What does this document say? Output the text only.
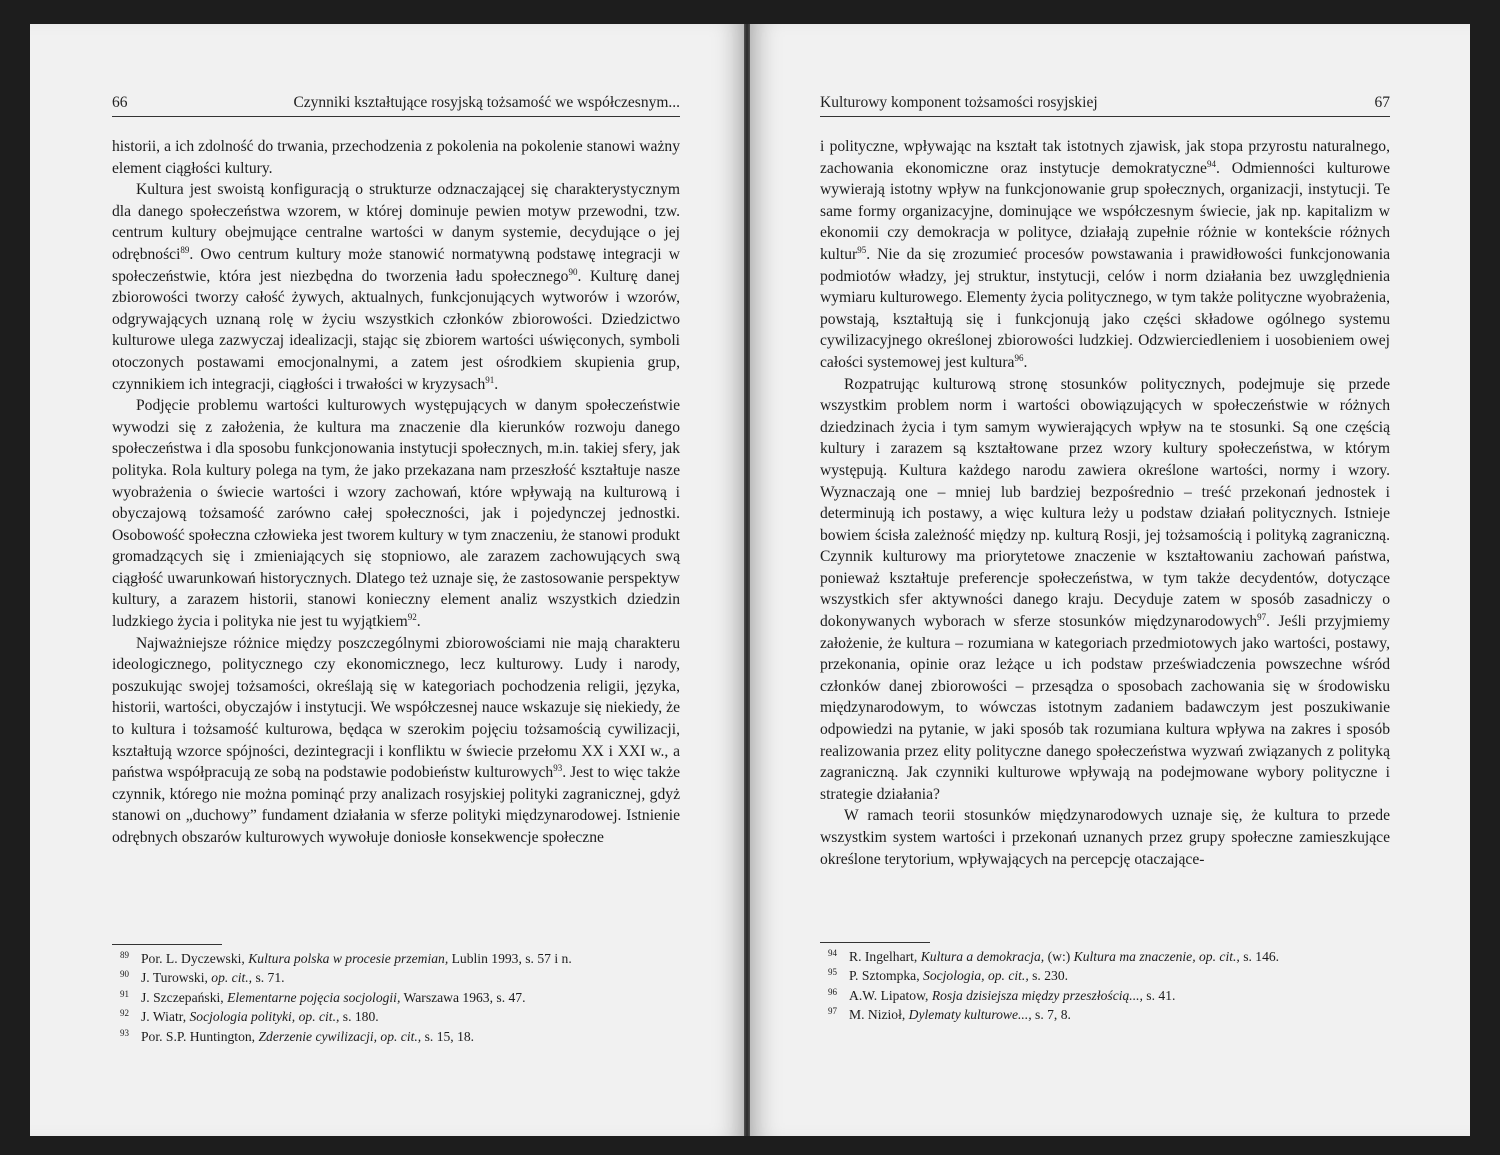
66	Czynniki kształtujące rosyjską tożsamość we współczesnym...

historii, a ich zdolność do trwania, przechodzenia z pokolenia na pokolenie stanowi ważny element ciągłości kultury.

Kultura jest swoistą konfiguracją o strukturze odznaczającej się charakterystycznym dla danego społeczeństwa wzorem, w której dominuje pewien motyw przewodni, tzw. centrum kultury obejmujące centralne wartości w danym systemie, decydujące o jej odrębności$^{89}$. Owo centrum kultury może stanowić normatywną podstawę integracji w społeczeństwie, która jest niezbędna do tworzenia ładu społecznego$^{90}$. Kulturę danej zbiorowości tworzy całość żywych, aktualnych, funkcjonujących wytworów i wzorów, odgrywających uznaną rolę w życiu wszystkich członków zbiorowości. Dziedzictwo kulturowe ulega zazwyczaj idealizacji, stając się zbiorem wartości uświęconych, symboli otoczonych postawami emocjonalnymi, a zatem jest ośrodkiem skupienia grup, czynnikiem ich integracji, ciągłości i trwałości w kryzysach$^{91}$.

Podjęcie problemu wartości kulturowych występujących w danym społeczeństwie wywodzi się z założenia, że kultura ma znaczenie dla kierunków rozwoju danego społeczeństwa i dla sposobu funkcjonowania instytucji społecznych, m.in. takiej sfery, jak polityka. Rola kultury polega na tym, że jako przekazana nam przeszłość kształtuje nasze wyobrażenia o świecie wartości i wzory zachowań, które wpływają na kulturową i obyczajową tożsamość zarówno całej społeczności, jak i pojedynczej jednostki. Osobowość społeczna człowieka jest tworem kultury w tym znaczeniu, że stanowi produkt gromadzących się i zmieniających się stopniowo, ale zarazem zachowujących swą ciągłość uwarunkowań historycznych. Dlatego też uznaje się, że zastosowanie perspektyw kultury, a zarazem historii, stanowi konieczny element analiz wszystkich dziedzin ludzkiego życia i polityka nie jest tu wyjątkiem$^{92}$.

Najważniejsze różnice między poszczególnymi zbiorowościami nie mają charakteru ideologicznego, politycznego czy ekonomicznego, lecz kulturowy. Ludy i narody, poszukując swojej tożsamości, określają się w kategoriach pochodzenia religii, języka, historii, wartości, obyczajów i instytucji. We współczesnej nauce wskazuje się niekiedy, że to kultura i tożsamość kulturowa, będąca w szerokim pojęciu tożsamością cywilizacji, kształtują wzorce spójności, dezintegracji i konfliktu w świecie przełomu XX i XXI w., a państwa współpracują ze sobą na podstawie podobieństw kulturowych$^{93}$. Jest to więc także czynnik, którego nie można pominąć przy analizach rosyjskiej polityki zagranicznej, gdyż stanowi on „duchowy” fundament działania w sferze polityki międzynarodowej. Istnienie odrębnych obszarów kulturowych wywołuje doniosłe konsekwencje społeczne

89 Por. L. Dyczewski, Kultura polska w procesie przemian, Lublin 1993, s. 57 i n.
90 J. Turowski, op. cit., s. 71.
91 J. Szczepański, Elementarne pojęcia socjologii, Warszawa 1963, s. 47.
92 J. Wiatr, Socjologia polityki, op. cit., s. 180.
93 Por. S.P. Huntington, Zderzenie cywilizacji, op. cit., s. 15, 18.
Kulturowy komponent tożsamości rosyjskiej	67

i polityczne, wpływając na kształt tak istotnych zjawisk, jak stopa przyrostu naturalnego, zachowania ekonomiczne oraz instytucje demokratyczne$^{94}$. Odmienności kulturowe wywierają istotny wpływ na funkcjonowanie grup społecznych, organizacji, instytucji. Te same formy organizacyjne, dominujące we współczesnym świecie, jak np. kapitalizm w ekonomii czy demokracja w polityce, działają zupełnie różnie w kontekście różnych kultur$^{95}$. Nie da się zrozumieć procesów powstawania i prawidłowości funkcjonowania podmiotów władzy, jej struktur, instytucji, celów i norm działania bez uwzględnienia wymiaru kulturowego. Elementy życia politycznego, w tym także polityczne wyobrażenia, powstają, kształtują się i funkcjonują jako części składowe ogólnego systemu cywilizacyjnego określonej zbiorowości ludzkiej. Odzwierciedleniem i uosobieniem owej całości systemowej jest kultura$^{96}$.

Rozpatrując kulturową stronę stosunków politycznych, podejmuje się przede wszystkim problem norm i wartości obowiązujących w społeczeństwie w różnych dziedzinach życia i tym samym wywierających wpływ na te stosunki. Są one częścią kultury i zarazem są kształtowane przez wzory kultury społeczeństwa, w którym występują. Kultura każdego narodu zawiera określone wartości, normy i wzory. Wyznaczają one – mniej lub bardziej bezpośrednio – treść przekonań jednostek i determinują ich postawy, a więc kultura leży u podstaw działań politycznych. Istnieje bowiem ścisła zależność między np. kulturą Rosji, jej tożsamością i polityką zagraniczną. Czynnik kulturowy ma priorytetowe znaczenie w kształtowaniu zachowań państwa, ponieważ kształtuje preferencje społeczeństwa, w tym także decydentów, dotyczące wszystkich sfer aktywności danego kraju. Decyduje zatem w sposób zasadniczy o dokonywanych wyborach w sferze stosunków międzynarodowych$^{97}$. Jeśli przyjmiemy założenie, że kultura – rozumiana w kategoriach przedmiotowych jako wartości, postawy, przekonania, opinie oraz leżące u ich podstaw przeświadczenia powszechne wśród członków danej zbiorowości – przesądza o sposobach zachowania się w środowisku międzynarodowym, to wówczas istotnym zadaniem badawczym jest poszukiwanie odpowiedzi na pytanie, w jaki sposób tak rozumiana kultura wpływa na zakres i sposób realizowania przez elity polityczne danego społeczeństwa wyzwań związanych z polityką zagraniczną. Jak czynniki kulturowe wpływają na podejmowane wybory polityczne i strategie działania?

W ramach teorii stosunków międzynarodowych uznaje się, że kultura to przede wszystkim system wartości i przekonań uznanych przez grupy społeczne zamieszkujące określone terytorium, wpływających na percepcję otaczające-

94 R. Ingelhart, Kultura a demokracja, (w:) Kultura ma znaczenie, op. cit., s. 146.
95 P. Sztompka, Socjologia, op. cit., s. 230.
96 A.W. Lipatow, Rosja dzisiejsza między przeszłością..., s. 41.
97 M. Nizioł, Dylematy kulturowe..., s. 7, 8.
